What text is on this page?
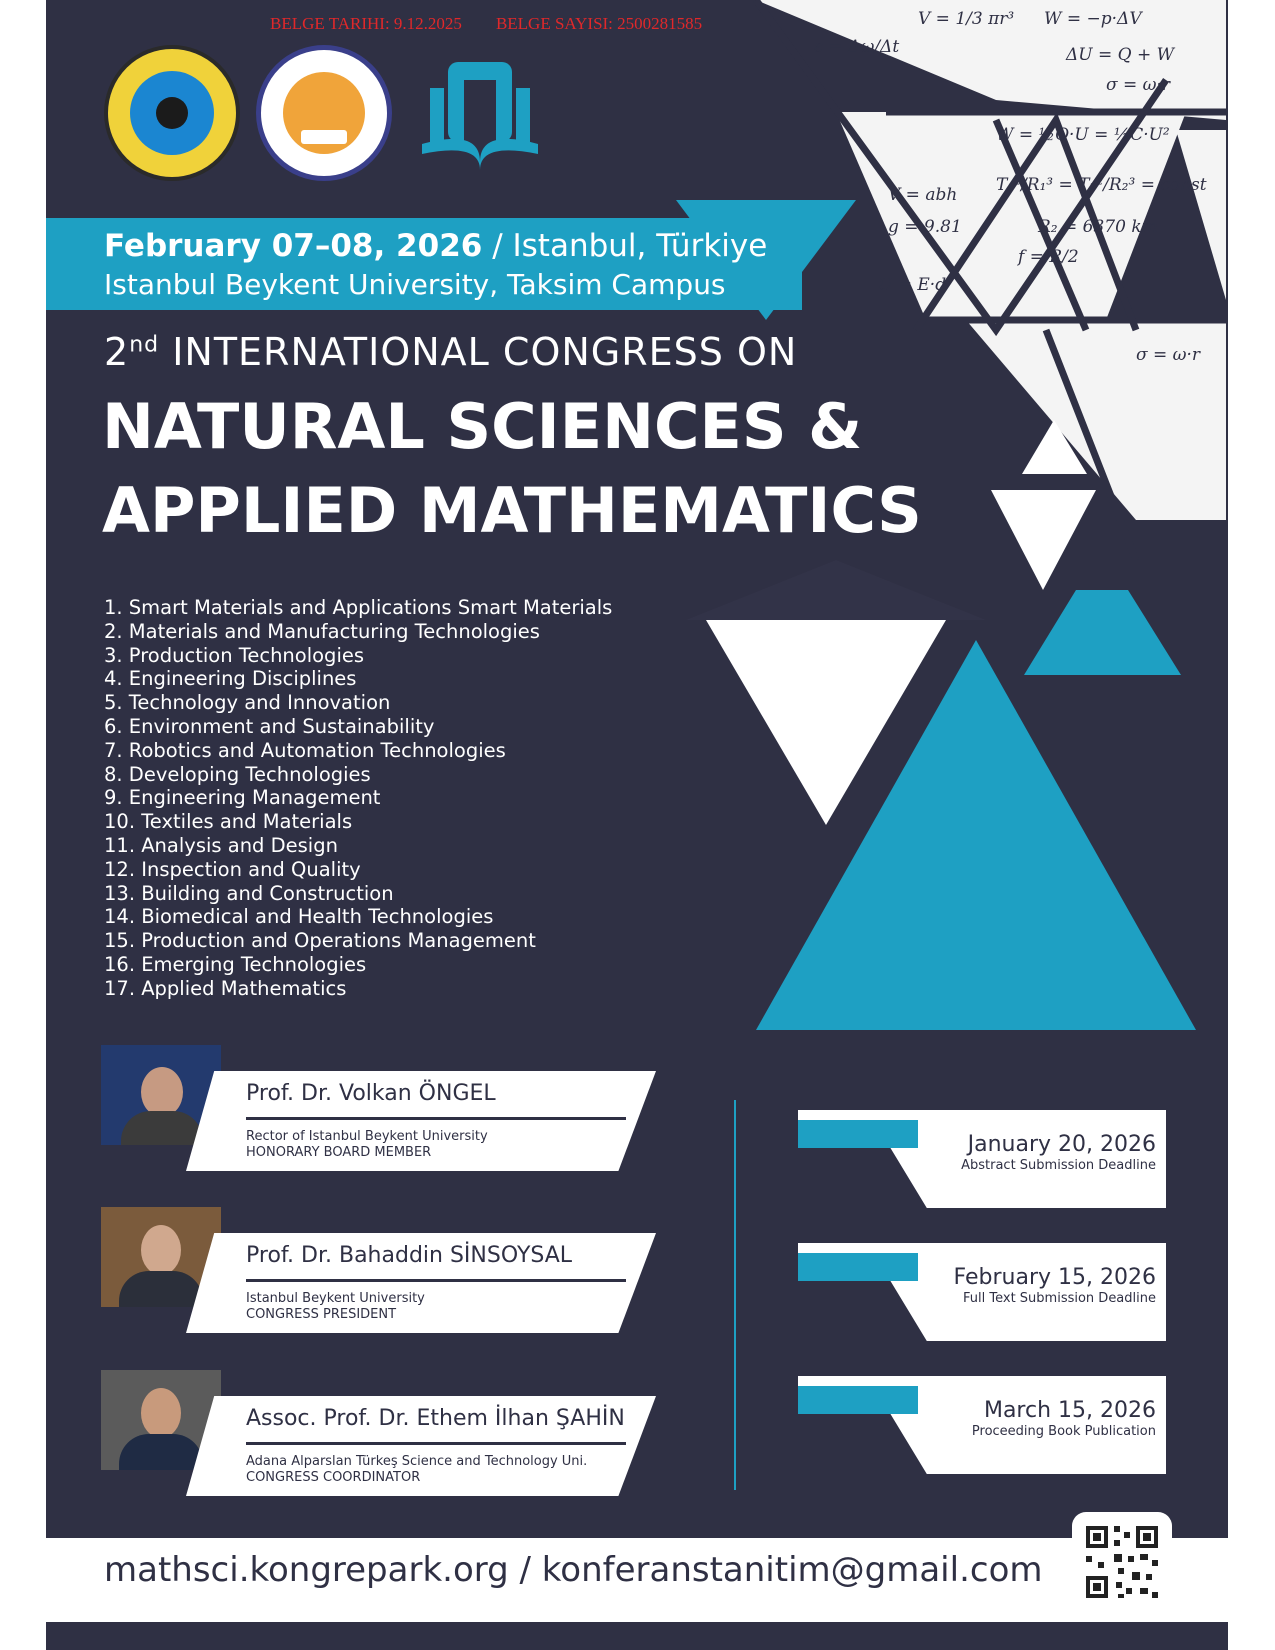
ε = Δω/Δt
V = 1/3 πr³ W = −p·ΔV
ΔU = Q + W
σ = ω·r
W = ½Q·U = ½C·U²
T₁²/R₁³ = T₂²/R₂³ = const
g = 9.81	R₂ = 6370 km
V = abh
U = E·d
f = R/2
σ = ω·r
February 07–08, 2026 / Istanbul, Türkiye
Istanbul Beykent University, Taksim Campus
2nd INTERNATIONAL CONGRESS ON
NATURAL SCIENCES &
APPLIED MATHEMATICS
1. Smart Materials and Applications Smart Materials
2. Materials and Manufacturing Technologies
3. Production Technologies
4. Engineering Disciplines
5. Technology and Innovation
6. Environment and Sustainability
7. Robotics and Automation Technologies
8. Developing Technologies
9. Engineering Management
10. Textiles and Materials
11. Analysis and Design
12. Inspection and Quality
13. Building and Construction
14. Biomedical and Health Technologies
15. Production and Operations Management
16. Emerging Technologies
17. Applied Mathematics
Prof. Dr. Volkan ÖNGEL
Rector of Istanbul Beykent University
HONORARY BOARD MEMBER
Prof. Dr. Bahaddin SİNSOYSAL
Istanbul Beykent University
CONGRESS PRESIDENT
Assoc. Prof. Dr. Ethem İlhan ŞAHİN
Adana Alparslan Türkeş Science and Technology Uni.
CONGRESS COORDINATOR
January 20, 2026
Abstract Submission Deadline
February 15, 2026
Full Text Submission Deadline
March 15, 2026
Proceeding Book Publication
mathsci.kongrepark.org / konferanstanitim@gmail.com
BELGE TARIHI: 9.12.2025 BELGE SAYISI: 2500281585
